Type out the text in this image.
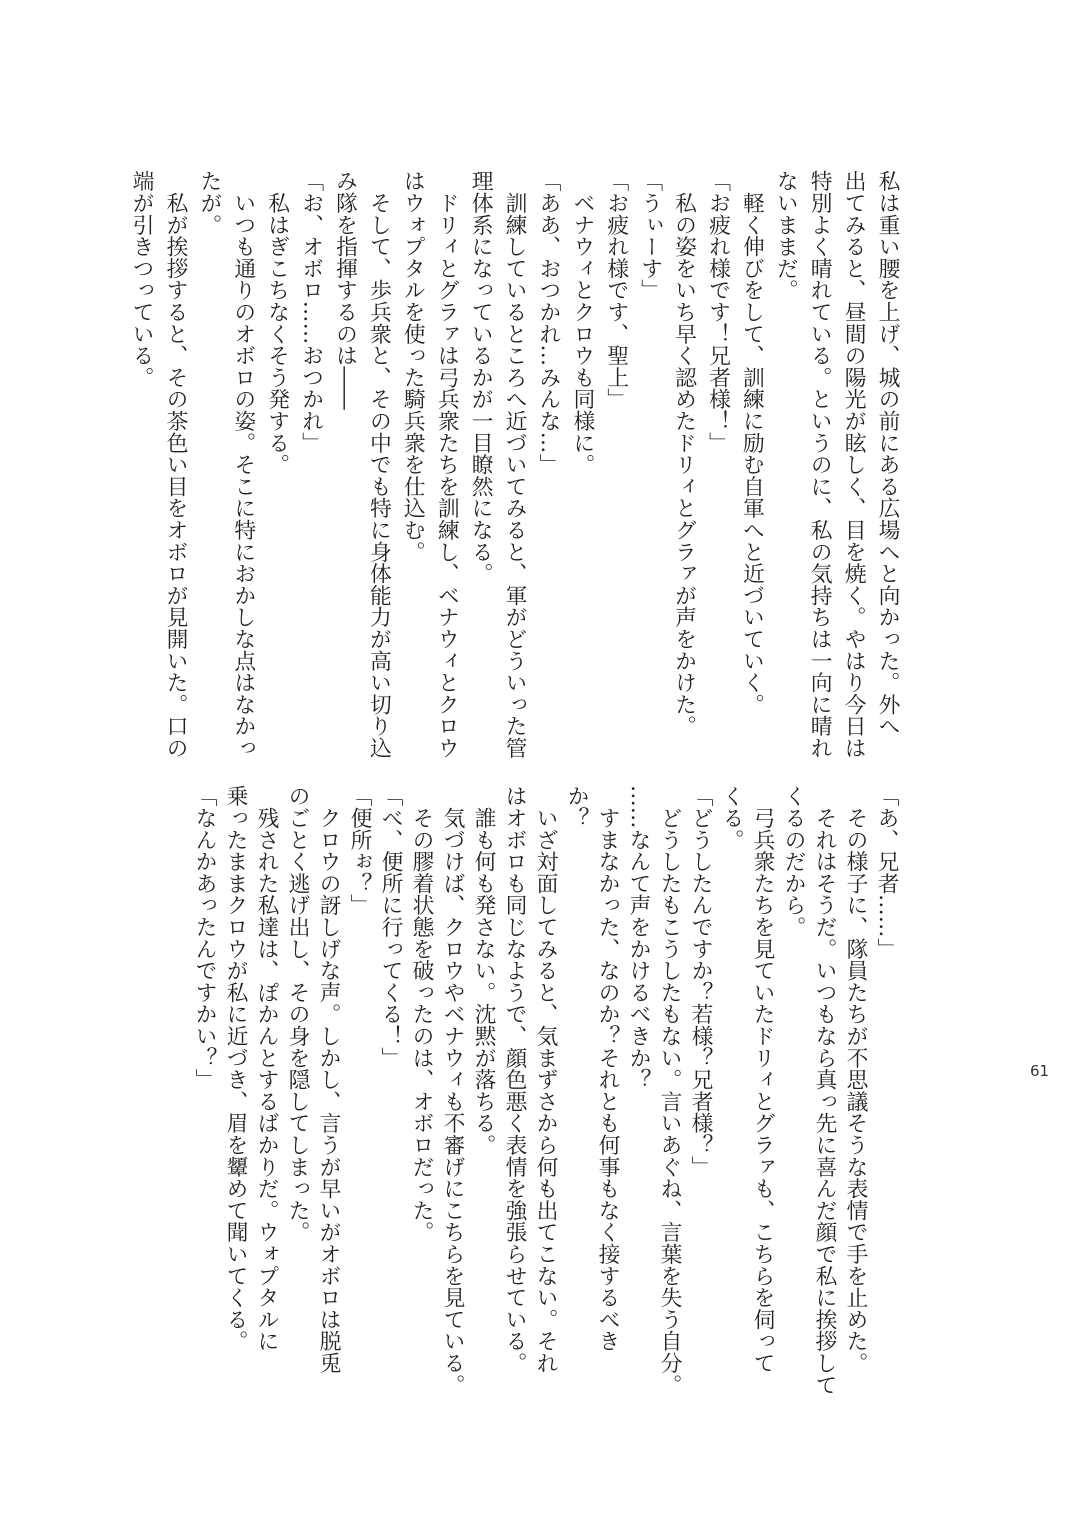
私は重い腰を上げ、城の前にある広場へと向かった。外へ
出てみると、昼間の陽光が眩しく、目を焼く。やはり今日は
特別よく晴れている。というのに、私の気持ちは一向に晴れ
ないままだ。
　軽く伸びをして、訓練に励む自軍へと近づいていく。
「お疲れ様です！兄者様！」
　私の姿をいち早く認めたドリィとグラァが声をかけた。
「うぃーす」
「お疲れ様です、聖上」
　ベナウィとクロウも同様に。
「ああ、おつかれ…みんな…」
　訓練しているところへ近づいてみると、軍がどういった管
理体系になっているかが一目瞭然になる。
　ドリィとグラァは弓兵衆たちを訓練し、ベナウィとクロウ
はウォプタルを使った騎兵衆を仕込む。
　そして、歩兵衆と、その中でも特に身体能力が高い切り込
み隊を指揮するのは――
「お、オボロ……おつかれ」
　私はぎこちなくそう発する。
　いつも通りのオボロの姿。そこに特におかしな点はなかっ
たが。
　私が挨拶すると、その茶色い目をオボロが見開いた。口の
端が引きつっている。
「あ、兄者……」
　その様子に、隊員たちが不思議そうな表情で手を止めた。
　それはそうだ。いつもなら真っ先に喜んだ顔で私に挨拶して
くるのだから。
　弓兵衆たちを見ていたドリィとグラァも、こちらを伺って
くる。
「どうしたんですか？若様？兄者様？」
　どうしたもこうしたもない。言いあぐね、言葉を失う自分。
……なんて声をかけるべきか？
　すまなかった、なのか？それとも何事もなく接するべき
か？
　いざ対面してみると、気まずさから何も出てこない。それ
はオボロも同じなようで、顔色悪く表情を強張らせている。
　誰も何も発さない。沈黙が落ちる。
　気づけば、クロウやベナウィも不審げにこちらを見ている。
　その膠着状態を破ったのは、オボロだった。
「べ、便所に行ってくる！」
「便所ぉ？」
　クロウの訝しげな声。しかし、言うが早いがオボロは脱兎
のごとく逃げ出し、その身を隠してしまった。
　残された私達は、ぽかんとするばかりだ。ウォプタルに
乗ったままクロウが私に近づき、眉を顰めて聞いてくる。
「なんかあったんですかい？」	61
